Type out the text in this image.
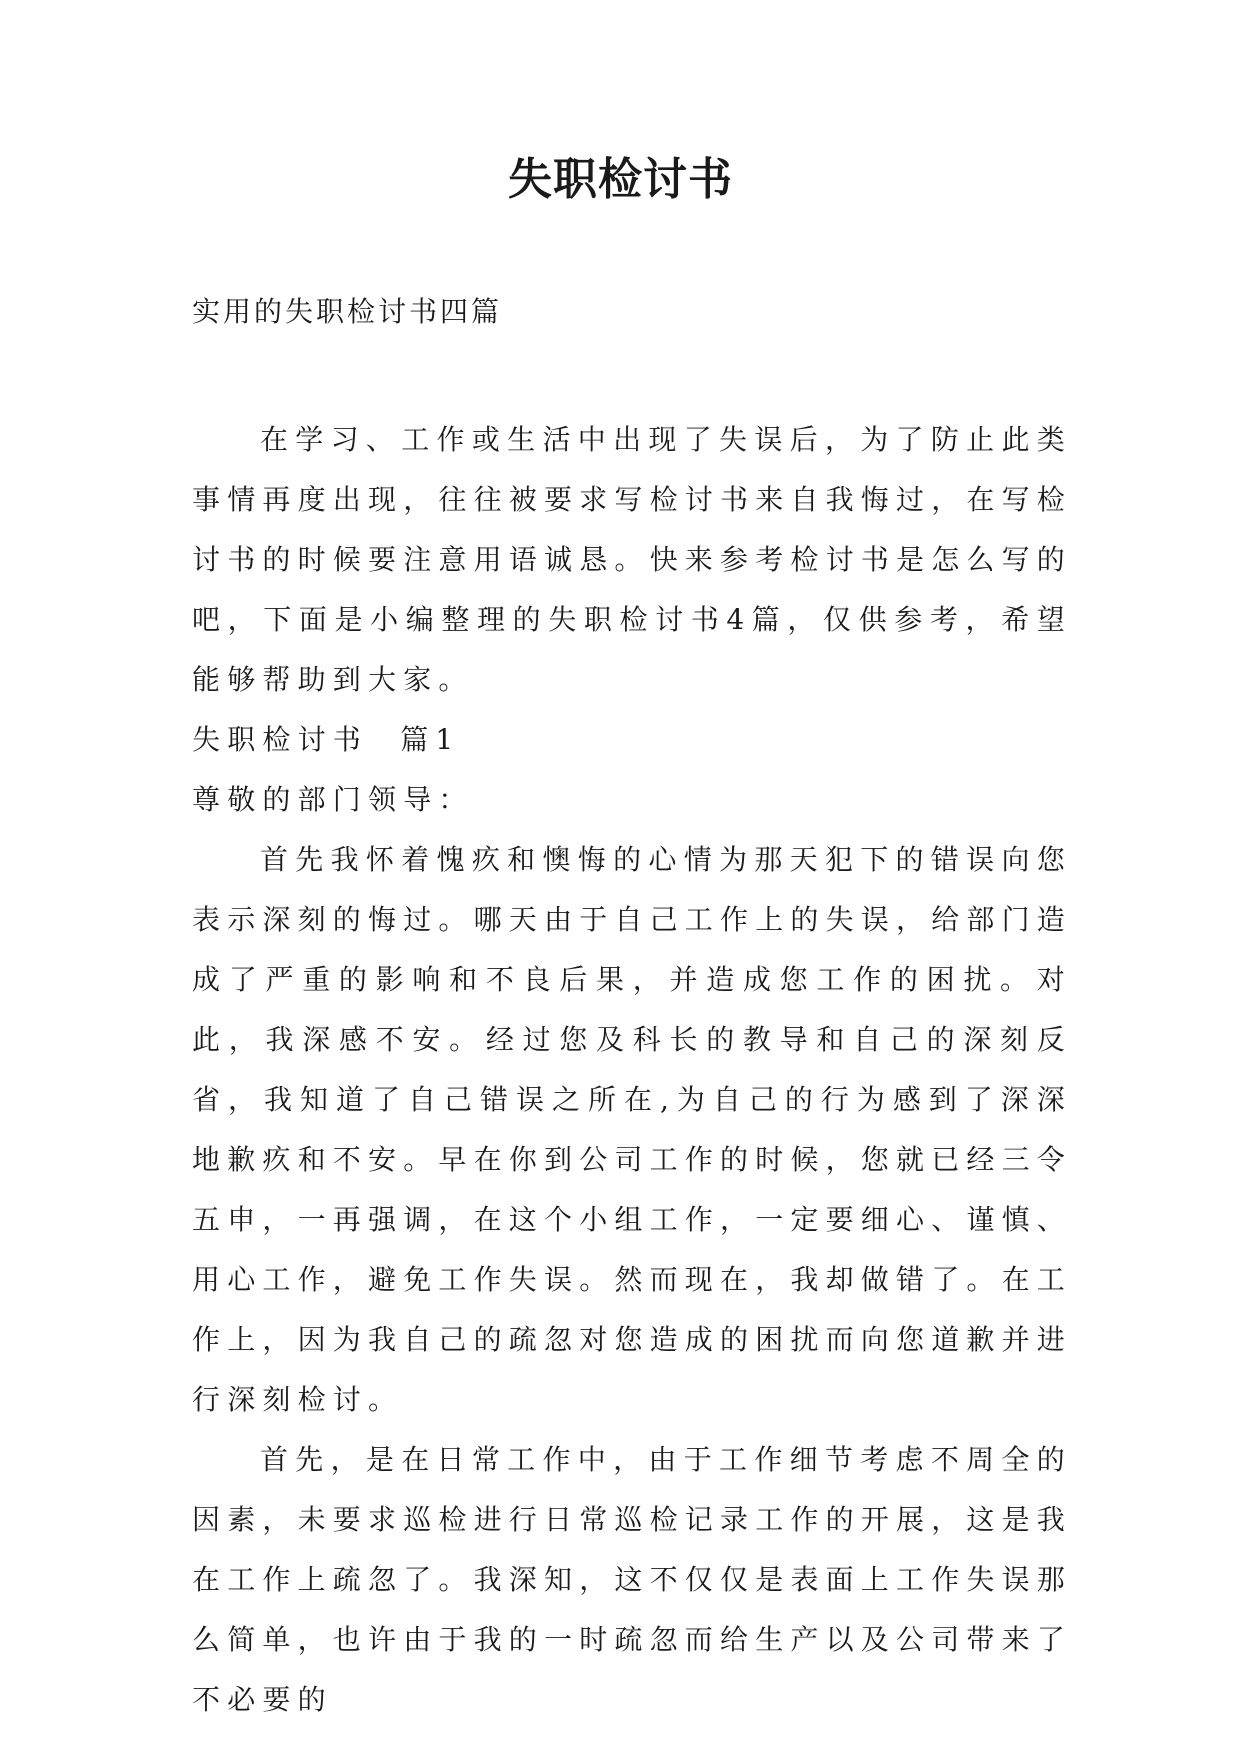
失职检讨书

实用的失职检讨书四篇

在学习、工作或生活中出现了失误后，为了防止此类事情再度出现，往往被要求写检讨书来自我悔过，在写检讨书的时候要注意用语诚恳。快来参考检讨书是怎么写的吧，下面是小编整理的失职检讨书4篇，仅供参考，希望能够帮助到大家。

失职检讨书  篇1

尊敬的部门领导：

首先我怀着愧疚和懊悔的心情为那天犯下的错误向您表示深刻的悔过。哪天由于自己工作上的失误，给部门造成了严重的影响和不良后果，并造成您工作的困扰。对此，我深感不安。经过您及科长的教导和自己的深刻反省，我知道了自己错误之所在,为自己的行为感到了深深地歉疚和不安。早在你到公司工作的时候，您就已经三令五申，一再强调，在这个小组工作，一定要细心、谨慎、用心工作，避免工作失误。然而现在，我却做错了。在工作上，因为我自己的疏忽对您造成的困扰而向您道歉并进行深刻检讨。

首先，是在日常工作中，由于工作细节考虑不周全的因素，未要求巡检进行日常巡检记录工作的开展，这是我在工作上疏忽了。我深知，这不仅仅是表面上工作失误那么简单，也许由于我的一时疏忽而给生产以及公司带来了不必要的
